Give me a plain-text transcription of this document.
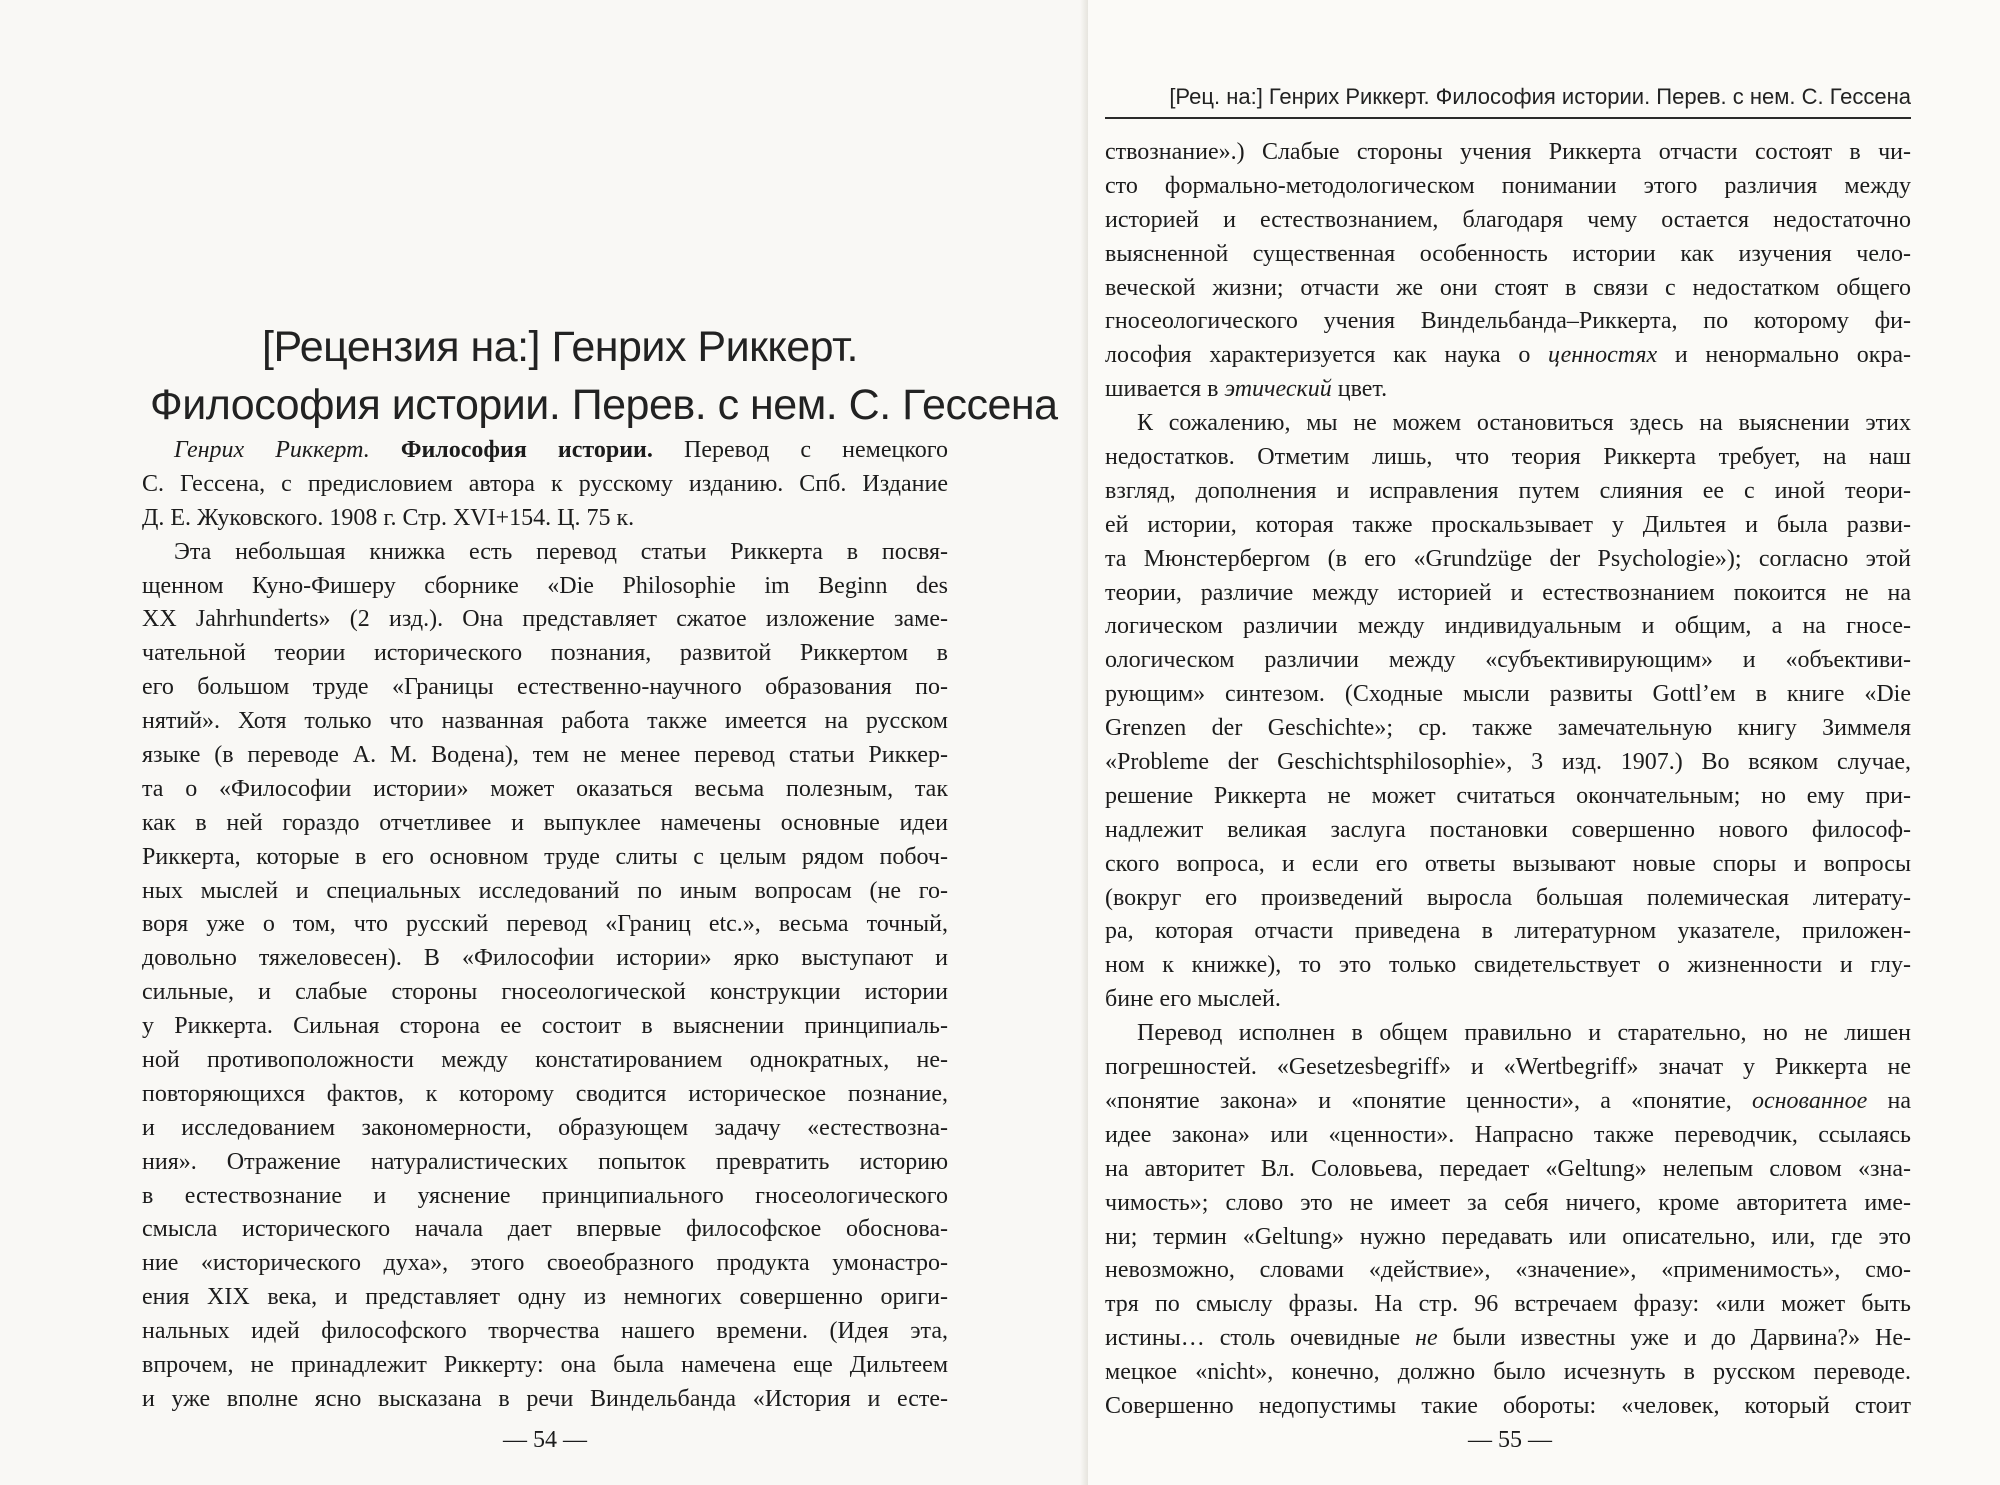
[Рецензия на:] Генрих Риккерт.

Философия истории. Перев. с нем. С. Гессена

Генрих Риккерт. Философия истории. Перевод с немецкого
С. Гессена, с предисловием автора к русскому изданию. Спб. Издание
Д. Е. Жуковского. 1908 г. Стр. XVI+154. Ц. 75 к.
Эта небольшая книжка есть перевод статьи Риккерта в посвя-
щенном Куно-Фишеру сборнике «Die Philosophie im Beginn des
XX Jahrhunderts» (2 изд.). Она представляет сжатое изложение заме-
чательной теории исторического познания, развитой Риккертом в
его большом труде «Границы естественно-научного образования по-
нятий». Хотя только что названная работа также имеется на русском
языке (в переводе А. М. Водена), тем не менее перевод статьи Риккер-
та о «Философии истории» может оказаться весьма полезным, так
как в ней гораздо отчетливее и выпуклее намечены основные идеи
Риккерта, которые в его основном труде слиты с целым рядом побоч-
ных мыслей и специальных исследований по иным вопросам (не го-
воря уже о том, что русский перевод «Границ etc.», весьма точный,
довольно тяжеловесен). В «Философии истории» ярко выступают и
сильные, и слабые стороны гносеологической конструкции истории
у Риккерта. Сильная сторона ее состоит в выяснении принципиаль-
ной противоположности между констатированием однократных, не-
повторяющихся фактов, к которому сводится историческое познание,
и исследованием закономерности, образующем задачу «естествозна-
ния». Отражение натуралистических попыток превратить историю
в естествознание и уяснение принципиального гносеологического
смысла исторического начала дает впервые философское обоснова-
ние «исторического духа», этого своеобразного продукта умонастро-
ения XIX века, и представляет одну из немногих совершенно ориги-
нальных идей философского творчества нашего времени. (Идея эта,
впрочем, не принадлежит Риккерту: она была намечена еще Дильтеем
и уже вполне ясно высказана в речи Виндельбанда «История и есте-
— 54 —
[Рец. на:] Генрих Риккерт. Философия истории. Перев. с нем. С. Гессена
ствознание».) Слабые стороны учения Риккерта отчасти состоят в чи-
сто формально-методологическом понимании этого различия между
историей и естествознанием, благодаря чему остается недостаточно
выясненной существенная особенность истории как изучения чело-
веческой жизни; отчасти же они стоят в связи с недостатком общего
гносеологического учения Виндельбанда–Риккерта, по которому фи-
лософия характеризуется как наука о ценностях и ненормально окра-
шивается в этический цвет.
К сожалению, мы не можем остановиться здесь на выяснении этих
недостатков. Отметим лишь, что теория Риккерта требует, на наш
взгляд, дополнения и исправления путем слияния ее с иной теори-
ей истории, которая также проскальзывает у Дильтея и была разви-
та Мюнстербергом (в его «Grundzüge der Psychologie»); согласно этой
теории, различие между историей и естествознанием покоится не на
логическом различии между индивидуальным и общим, а на гносе-
ологическом различии между «субъективирующим» и «объективи-
рующим» синтезом. (Сходные мысли развиты Gottl’ем в книге «Die
Grenzen der Geschichte»; ср. также замечательную книгу Зиммеля
«Probleme der Geschichtsphilosophie», 3 изд. 1907.) Во всяком случае,
решение Риккерта не может считаться окончательным; но ему при-
надлежит великая заслуга постановки совершенно нового философ-
ского вопроса, и если его ответы вызывают новые споры и вопросы
(вокруг его произведений выросла большая полемическая литерату-
ра, которая отчасти приведена в литературном указателе, приложен-
ном к книжке), то это только свидетельствует о жизненности и глу-
бине его мыслей.
Перевод исполнен в общем правильно и старательно, но не лишен
погрешностей. «Gesetzesbegriff» и «Wertbegriff» значат у Риккерта не
«понятие закона» и «понятие ценности», а «понятие, основанное на
идее закона» или «ценности». Напрасно также переводчик, ссылаясь
на авторитет Вл. Соловьева, передает «Geltung» нелепым словом «зна-
чимость»; слово это не имеет за себя ничего, кроме авторитета име-
ни; термин «Geltung» нужно передавать или описательно, или, где это
невозможно, словами «действие», «значение», «применимость», смо-
тря по смыслу фразы. На стр. 96 встречаем фразу: «или может быть
истины… столь очевидные не были известны уже и до Дарвина?» Не-
мецкое «nicht», конечно, должно было исчезнуть в русском переводе.
Совершенно недопустимы такие обороты: «человек, который стоит
— 55 —
